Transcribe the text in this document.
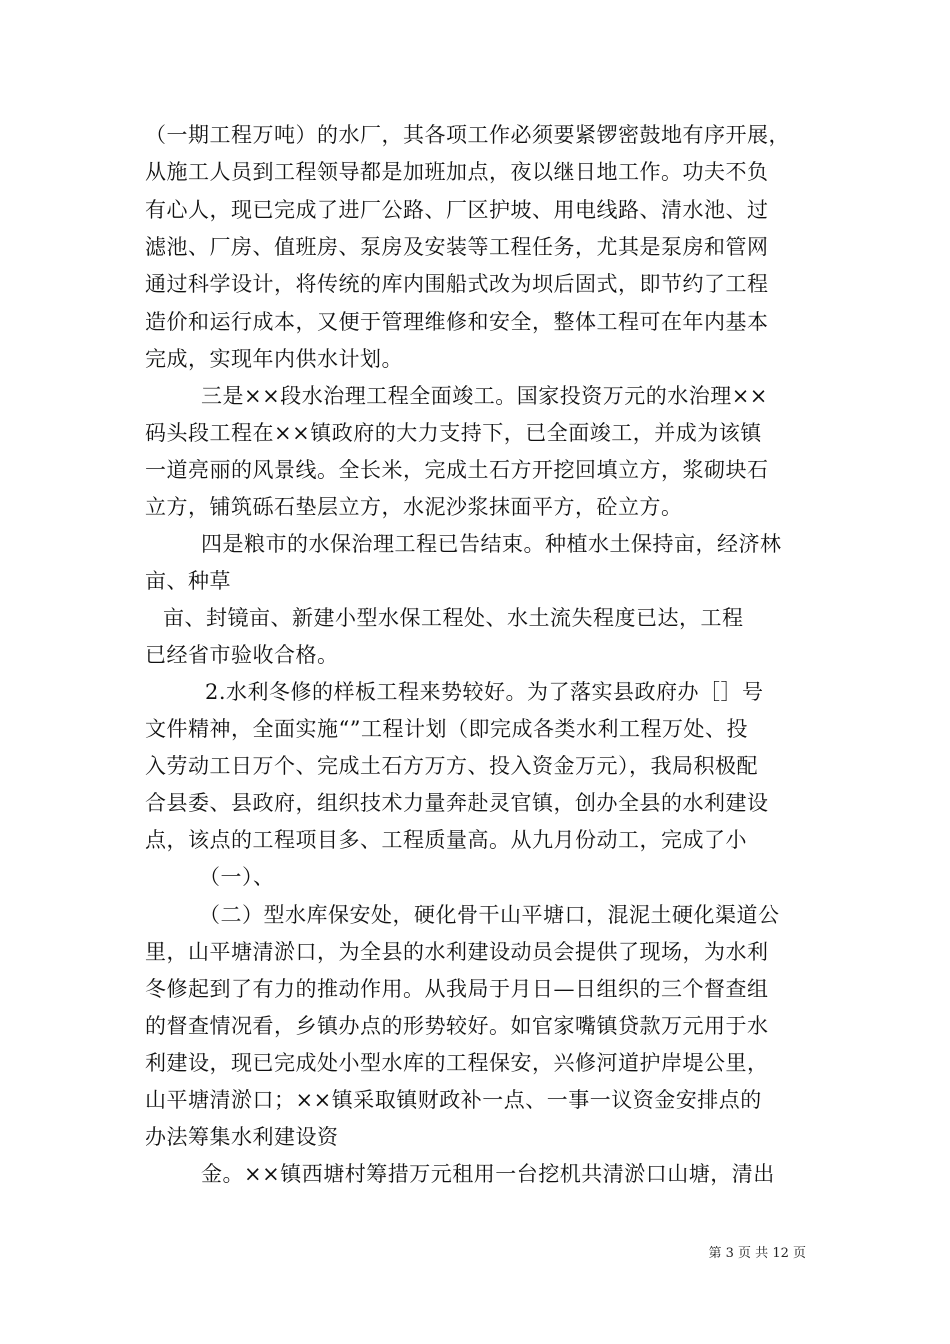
（一期工程万吨）的水厂，其各项工作必须要紧锣密鼓地有序开展，
从施工人员到工程领导都是加班加点，夜以继日地工作。功夫不负
有心人，现已完成了进厂公路、厂区护坡、用电线路、清水池、过
滤池、厂房、值班房、泵房及安装等工程任务，尤其是泵房和管网
通过科学设计，将传统的库内围船式改为坝后固式，即节约了工程
造价和运行成本，又便于管理维修和安全，整体工程可在年内基本
完成，实现年内供水计划。
三是××段水治理工程全面竣工。国家投资万元的水治理××
码头段工程在××镇政府的大力支持下，已全面竣工，并成为该镇
一道亮丽的风景线。全长米，完成土石方开挖回填立方，浆砌块石
立方，铺筑砾石垫层立方，水泥沙浆抹面平方，砼立方。
四是粮市的水保治理工程已告结束。种植水土保持亩，经济林
亩、种草
亩、封镜亩、新建小型水保工程处、水土流失程度已达，工程
已经省市验收合格。
2.水利冬修的样板工程来势较好。为了落实县政府办［］号
文件精神，全面实施“”工程计划（即完成各类水利工程万处、投
入劳动工日万个、完成土石方万方、投入资金万元），我局积极配
合县委、县政府，组织技术力量奔赴灵官镇，创办全县的水利建设
点，该点的工程项目多、工程质量高。从九月份动工，完成了小
（一）、
（二）型水库保安处，硬化骨干山平塘口，混泥土硬化渠道公
里，山平塘清淤口，为全县的水利建设动员会提供了现场，为水利
冬修起到了有力的推动作用。从我局于月日—日组织的三个督查组
的督查情况看，乡镇办点的形势较好。如官家嘴镇贷款万元用于水
利建设，现已完成处小型水库的工程保安，兴修河道护岸堤公里，
山平塘清淤口；××镇采取镇财政补一点、一事一议资金安排点的
办法筹集水利建设资
金。××镇西塘村筹措万元租用一台挖机共清淤口山塘，清出
第 3 页 共 12 页
